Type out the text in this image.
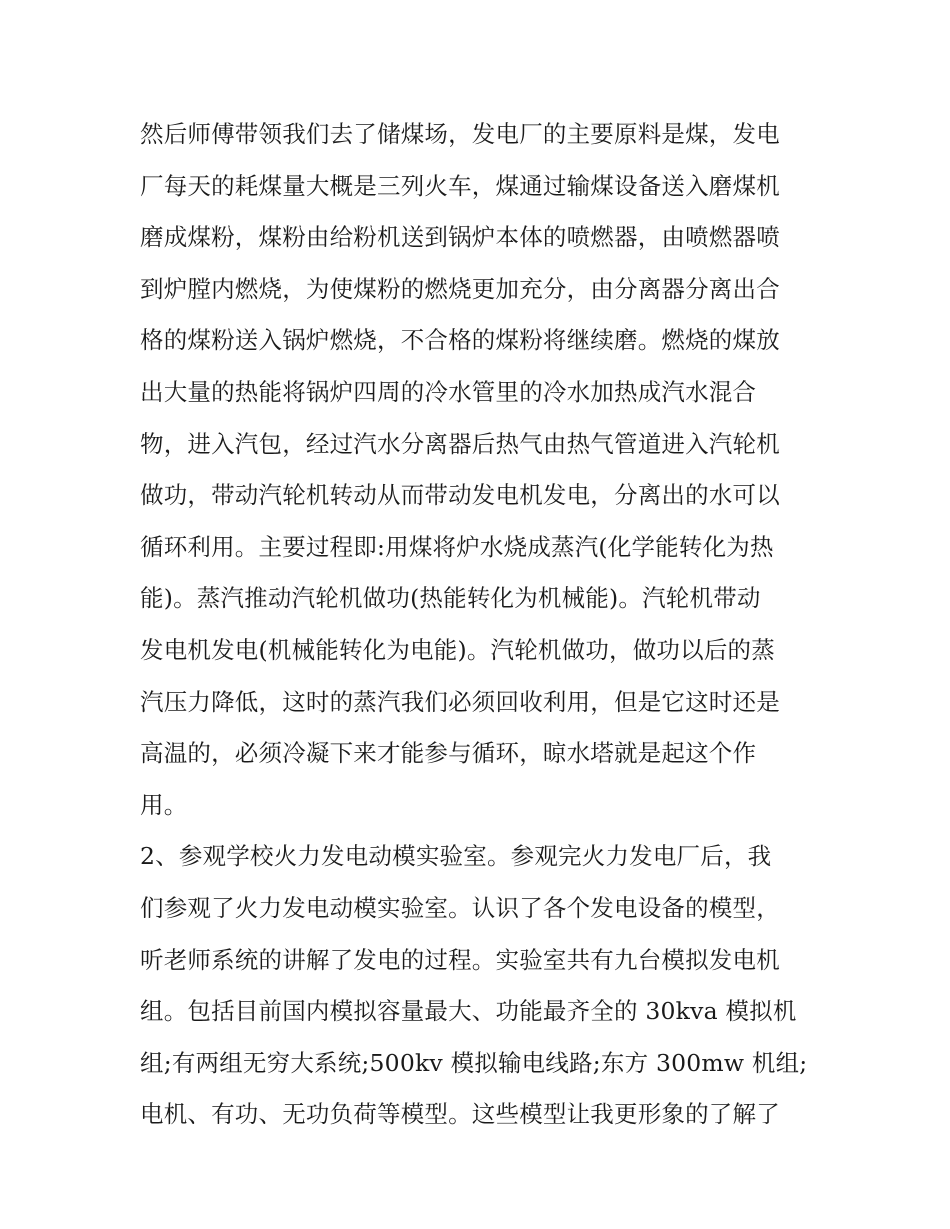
然后师傅带领我们去了储煤场，发电厂的主要原料是煤，发电
厂每天的耗煤量大概是三列火车，煤通过输煤设备送入磨煤机
磨成煤粉，煤粉由给粉机送到锅炉本体的喷燃器，由喷燃器喷
到炉膛内燃烧，为使煤粉的燃烧更加充分，由分离器分离出合
格的煤粉送入锅炉燃烧，不合格的煤粉将继续磨。燃烧的煤放
出大量的热能将锅炉四周的冷水管里的冷水加热成汽水混合
物，进入汽包，经过汽水分离器后热气由热气管道进入汽轮机
做功，带动汽轮机转动从而带动发电机发电，分离出的水可以
循环利用。主要过程即:用煤将炉水烧成蒸汽(化学能转化为热
能)。蒸汽推动汽轮机做功(热能转化为机械能)。汽轮机带动
发电机发电(机械能转化为电能)。汽轮机做功，做功以后的蒸
汽压力降低，这时的蒸汽我们必须回收利用，但是它这时还是
高温的，必须冷凝下来才能参与循环，晾水塔就是起这个作
用。
2、参观学校火力发电动模实验室。参观完火力发电厂后，我
们参观了火力发电动模实验室。认识了各个发电设备的模型，
听老师系统的讲解了发电的过程。实验室共有九台模拟发电机
组。包括目前国内模拟容量最大、功能最齐全的 30kva 模拟机
组;有两组无穷大系统;500kv 模拟输电线路;东方 300mw 机组;
电机、有功、无功负荷等模型。这些模型让我更形象的了解了
